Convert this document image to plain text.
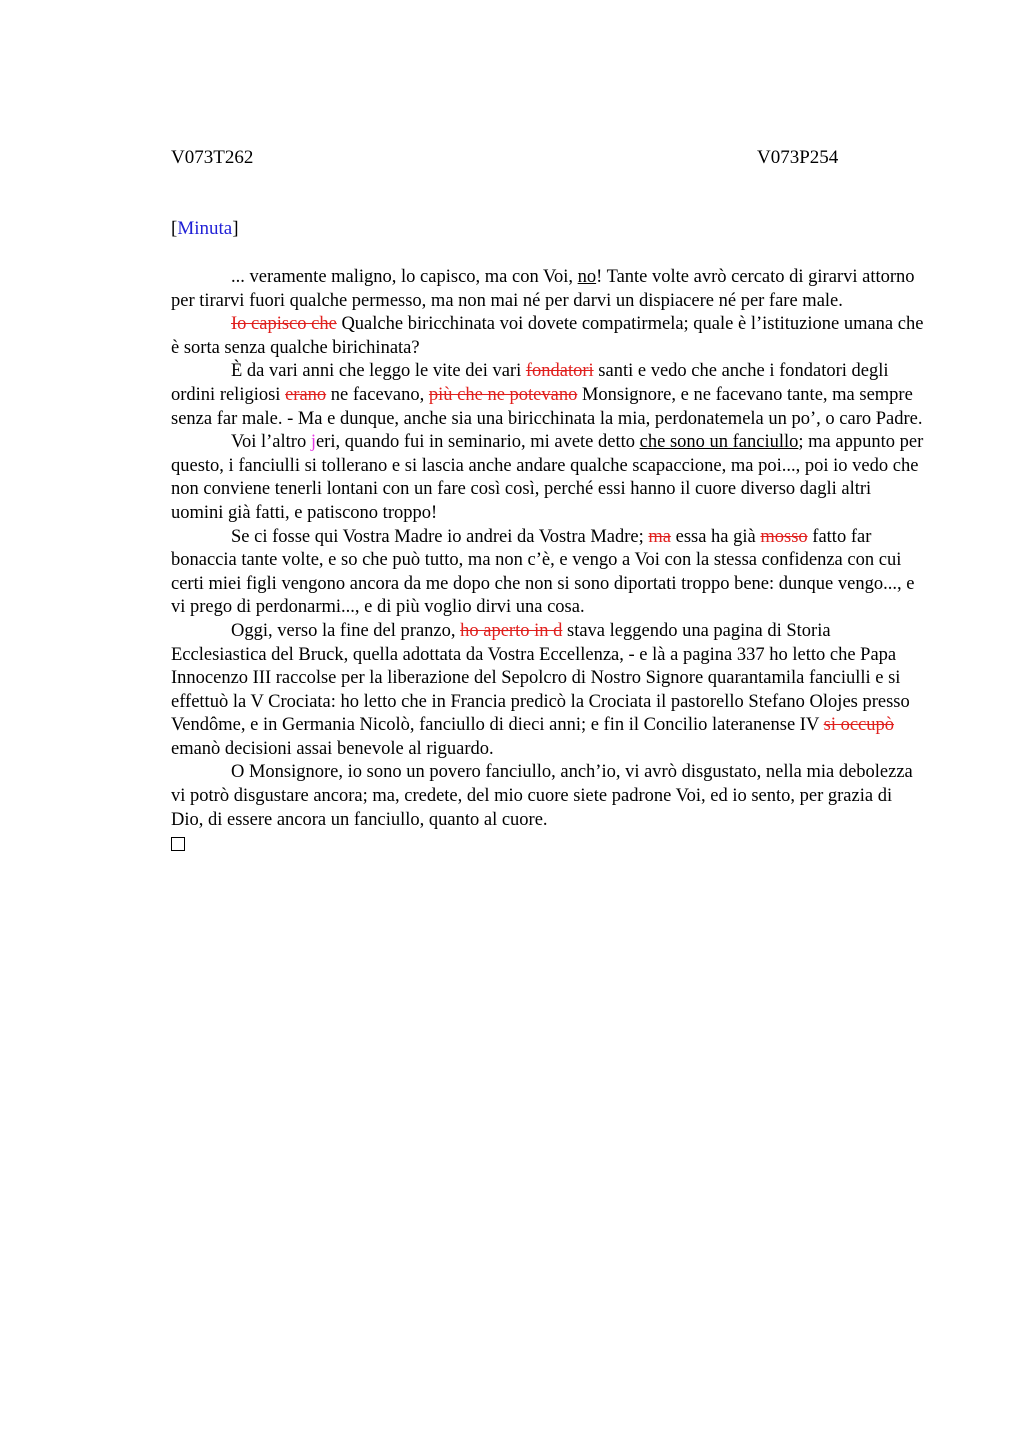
V073T262	V073P254
[Minuta]

... veramente maligno, lo capisco, ma con Voi, no! Tante volte avrò cercato di girarvi attorno per tirarvi fuori qualche permesso, ma non mai né per darvi un dispiacere né per fare male.

Io capisco che Qualche biricchinata voi dovete compatirmela; quale è l’istituzione umana che è sorta senza qualche birichinata?

È da vari anni che leggo le vite dei vari fondatori santi e vedo che anche i fondatori degli ordini religiosi erano ne facevano, più che ne potevano Monsignore, e ne facevano tante, ma sempre senza far male. - Ma e dunque, anche sia una biricchinata la mia, perdonatemela un po’, o caro Padre.

Voi l’altro jeri, quando fui in seminario, mi avete detto che sono un fanciullo; ma appunto per questo, i fanciulli si tollerano e si lascia anche andare qualche scapaccione, ma poi..., poi io vedo che non conviene tenerli lontani con un fare così così, perché essi hanno il cuore diverso dagli altri uomini già fatti, e patiscono troppo!

Se ci fosse qui Vostra Madre io andrei da Vostra Madre; ma essa ha già mosso fatto far bonaccia tante volte, e so che può tutto, ma non c’è, e vengo a Voi con la stessa confidenza con cui certi miei figli vengono ancora da me dopo che non si sono diportati troppo bene: dunque vengo..., e vi prego di perdonarmi..., e di più voglio dirvi una cosa.

Oggi, verso la fine del pranzo, ho aperto in d stava leggendo una pagina di Storia Ecclesiastica del Bruck, quella adottata da Vostra Eccellenza, - e là a pagina 337 ho letto che Papa Innocenzo III raccolse per la liberazione del Sepolcro di Nostro Signore quarantamila fanciulli e si effettuò la V Crociata: ho letto che in Francia predicò la Crociata il pastorello Stefano Olojes presso Vendôme, e in Germania Nicolò, fanciullo di dieci anni; e fin il Concilio lateranense IV si occupò emanò decisioni assai benevole al riguardo.

O Monsignore, io sono un povero fanciullo, anch’io, vi avrò disgustato, nella mia debolezza vi potrò disgustare ancora; ma, credete, del mio cuore siete padrone Voi, ed io sento, per grazia di Dio, di essere ancora un fanciullo, quanto al cuore.
